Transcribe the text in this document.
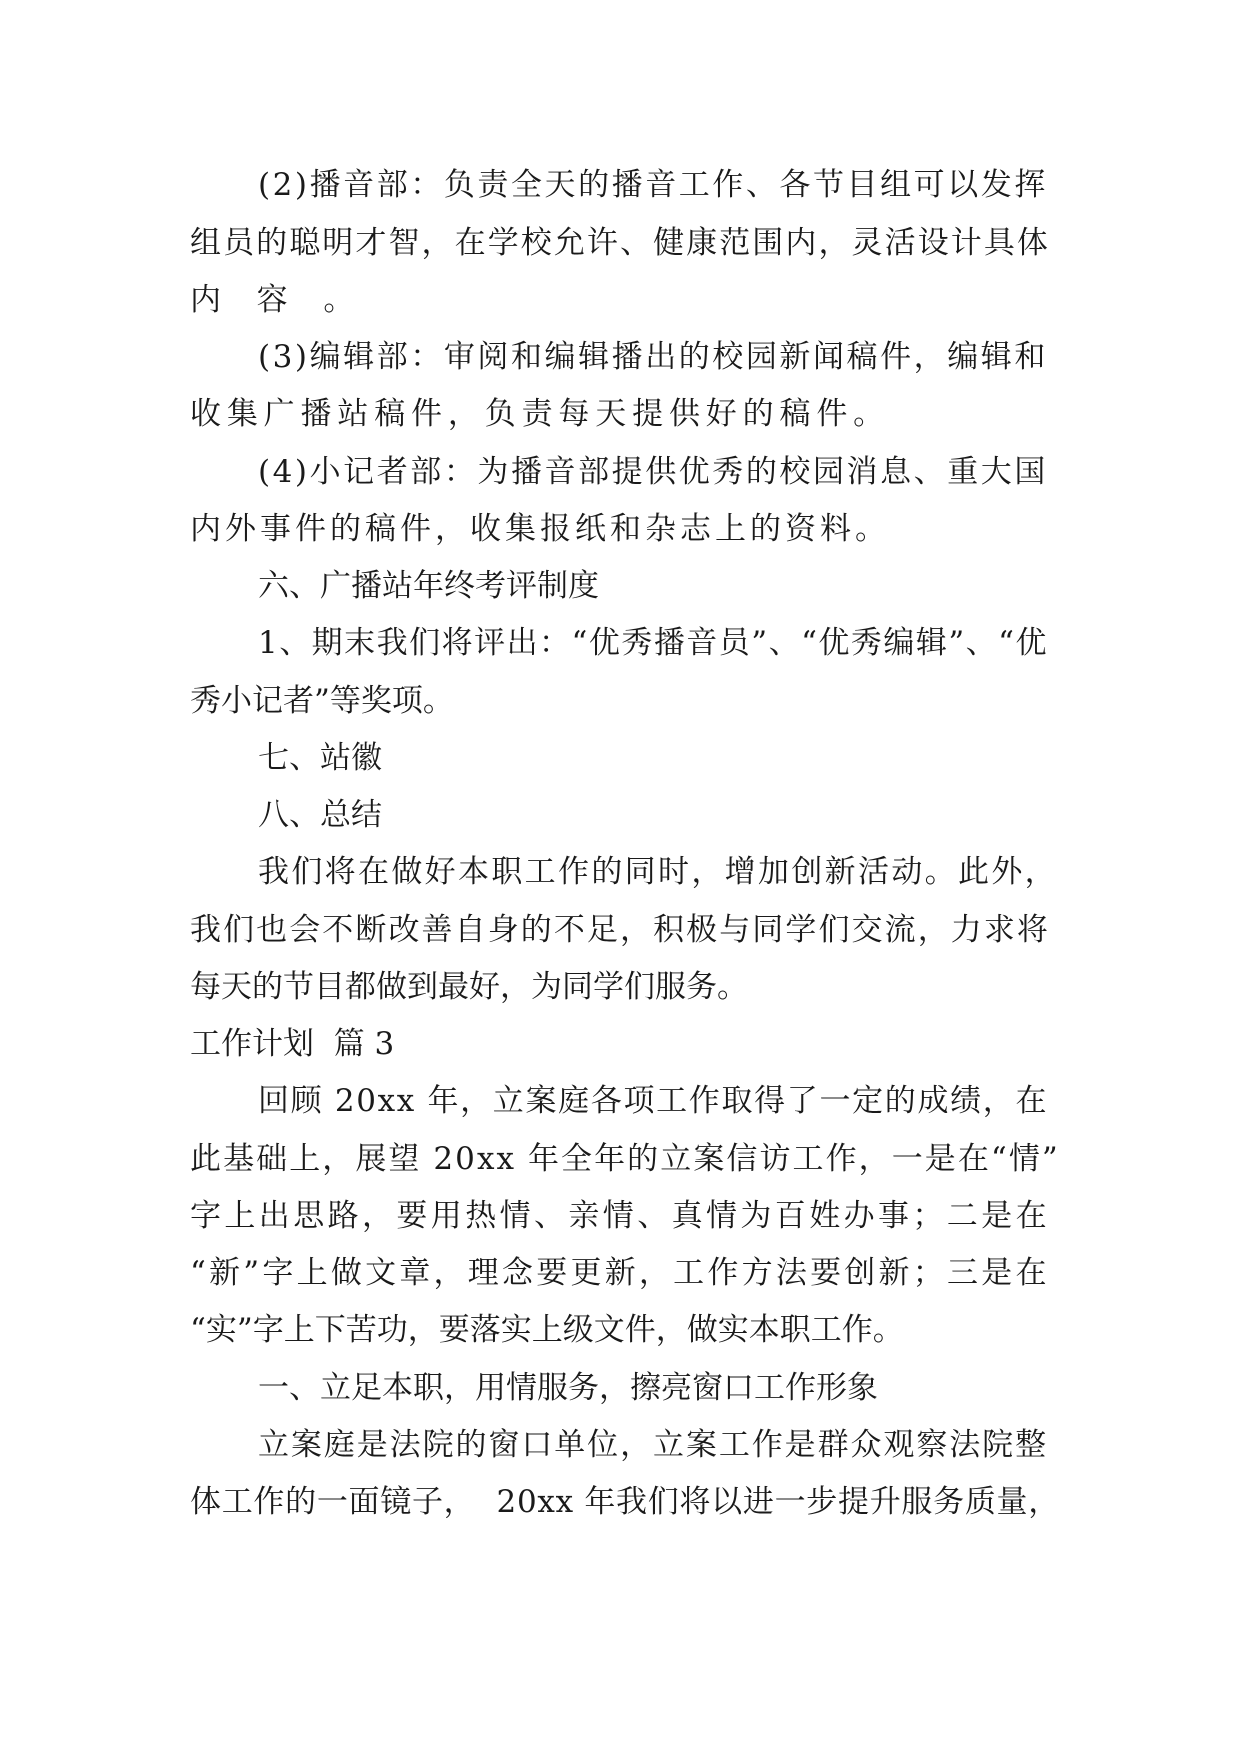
(2)播音部：负责全天的播音工作、各节目组可以发挥
组员的聪明才智，在学校允许、健康范围内，灵活设计具体
内容。
(3)编辑部：审阅和编辑播出的校园新闻稿件，编辑和
收集广播站稿件，负责每天提供好的稿件。
(4)小记者部：为播音部提供优秀的校园消息、重大国
内外事件的稿件，收集报纸和杂志上的资料。
六、广播站年终考评制度
1、期末我们将评出：“优秀播音员”、“优秀编辑”、“优
秀小记者”等奖项。
七、站徽
八、总结
我们将在做好本职工作的同时，增加创新活动。此外，
我们也会不断改善自身的不足，积极与同学们交流，力求将
每天的节目都做到最好，为同学们服务。
工作计划  篇 3
回顾 20xx 年，立案庭各项工作取得了一定的成绩，在
此基础上，展望 20xx 年全年的立案信访工作，一是在“情”
字上出思路，要用热情、亲情、真情为百姓办事；二是在
“新”字上做文章，理念要更新，工作方法要创新；三是在
“实”字上下苦功，要落实上级文件，做实本职工作。
一、立足本职，用情服务，擦亮窗口工作形象
立案庭是法院的窗口单位，立案工作是群众观察法院整
体工作的一面镜子，  20xx 年我们将以进一步提升服务质量，
